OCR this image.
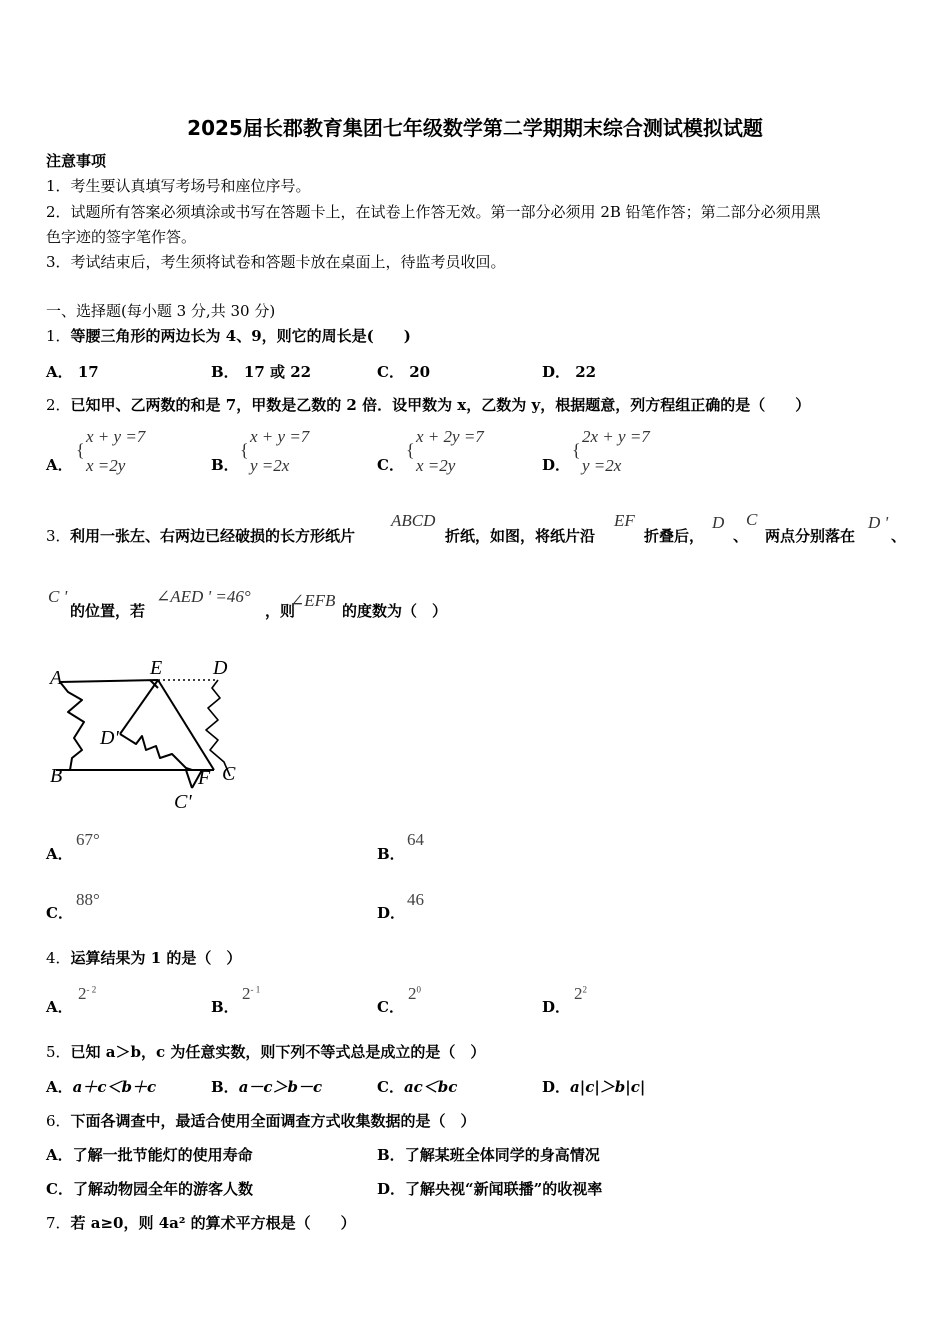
2025届长郡教育集团七年级数学第二学期期末综合测试模拟试题
注意事项
1．考生要认真填写考场号和座位序号。
2．试题所有答案必须填涂或书写在答题卡上，在试卷上作答无效。第一部分必须用 2B 铅笔作答；第二部分必须用黑
色字迹的签字笔作答。
3．考试结束后，考生须将试卷和答题卡放在桌面上，待监考员收回。
一、选择题(每小题 3 分,共 30 分)
1．等腰三角形的两边长为 4、9，则它的周长是(　　)
A． 17	B． 17 或 22	C． 20	D． 22
2．已知甲、乙两数的和是 7，甲数是乙数的 2 倍．设甲数为 x，乙数为 y，根据题意，列方程组正确的是（　　）
A．
{
x + y =7
x =2y	B．
{
x + y =7
y =2x	C．
{
x + 2y =7
x =2y	D．
{
2x + y =7
y =2x
3． 利用一张左、右两边已经破损的长方形纸片
ABCD
折纸，如图，将纸片沿
EF
折叠后，
D
、
C
两点分别落在
D '
、
C '
的位置，若
∠AED ' =46°
，则
∠EFB
的度数为（　）
A	E	D
D'
B	F C
C'
A．
67°
B．
64
C．
88°
D．
46
4．运算结果为 1 的是（　）
A．
$2^{- 2}$
B．
$2^{- 1}$
C．
$2^0$
D．
$2^2$
5．已知 a＞b，c 为任意实数，则下列不等式总是成立的是（　）
A．a＋c＜b＋c	B．a－c＞b－c	C．ac＜bc	D．a|c|＞b|c|
6．下面各调查中，最适合使用全面调查方式收集数据的是（　）
A．了解一批节能灯的使用寿命	B．了解某班全体同学的身高情况
C．了解动物园全年的游客人数	D．了解央视“新闻联播”的收视率
7．若 a≥0，则 4a² 的算术平方根是（　　）
